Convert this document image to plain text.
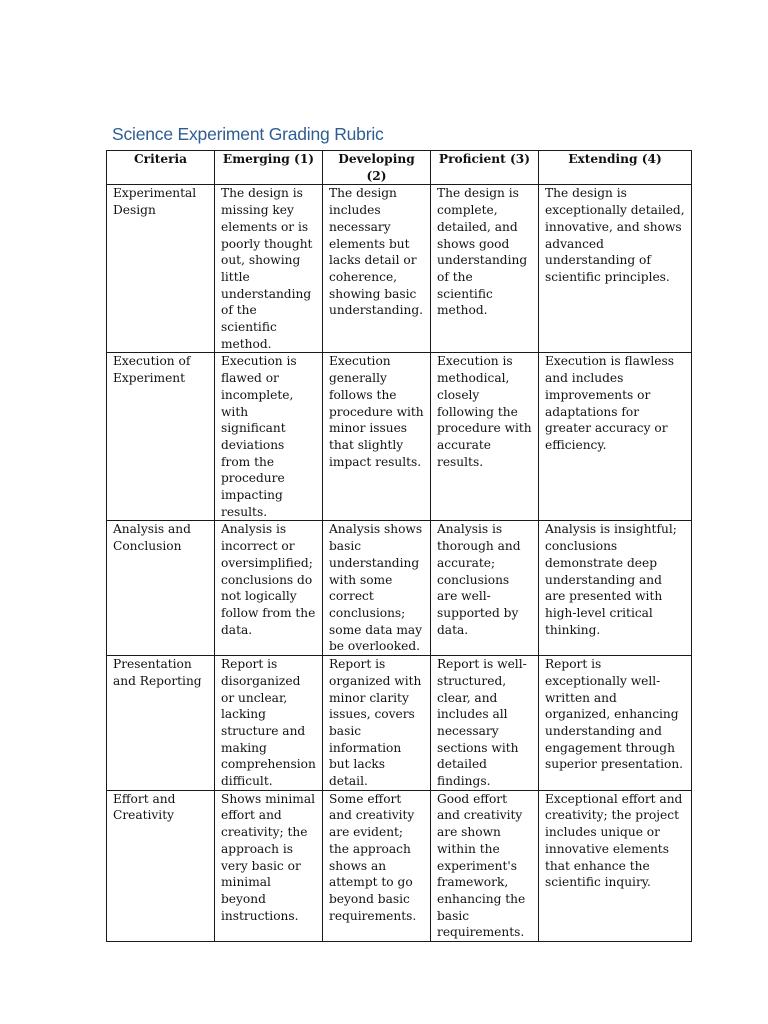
Science Experiment Grading Rubric
Criteria	Emerging (1)	Developing (2)	Proficient (3)	Extending (4)
Experimental Design	The design is missing key elements or is poorly thought out, showing little understanding of the scientific method.	The design includes necessary elements but lacks detail or coherence, showing basic understanding.	The design is complete, detailed, and shows good understanding of the scientific method.	The design is exceptionally detailed, innovative, and shows advanced understanding of scientific principles.
Execution of Experiment	Execution is flawed or incomplete, with significant deviations from the procedure impacting results.	Execution generally follows the procedure with minor issues that slightly impact results.	Execution is methodical, closely following the procedure with accurate results.	Execution is flawless and includes improvements or adaptations for greater accuracy or efficiency.
Analysis and Conclusion	Analysis is incorrect or oversimplified; conclusions do not logically follow from the data.	Analysis shows basic understanding with some correct conclusions; some data may be overlooked.	Analysis is thorough and accurate; conclusions are well-supported by data.	Analysis is insightful; conclusions demonstrate deep understanding and are presented with high-level critical thinking.
Presentation and Reporting	Report is disorganized or unclear, lacking structure and making comprehension difficult.	Report is organized with minor clarity issues, covers basic information but lacks detail.	Report is well-structured, clear, and includes all necessary sections with detailed findings.	Report is exceptionally well-written and organized, enhancing understanding and engagement through superior presentation.
Effort and Creativity	Shows minimal effort and creativity; the approach is very basic or minimal beyond instructions.	Some effort and creativity are evident; the approach shows an attempt to go beyond basic requirements.	Good effort and creativity are shown within the experiment's framework, enhancing the basic requirements.	Exceptional effort and creativity; the project includes unique or innovative elements that enhance the scientific inquiry.
